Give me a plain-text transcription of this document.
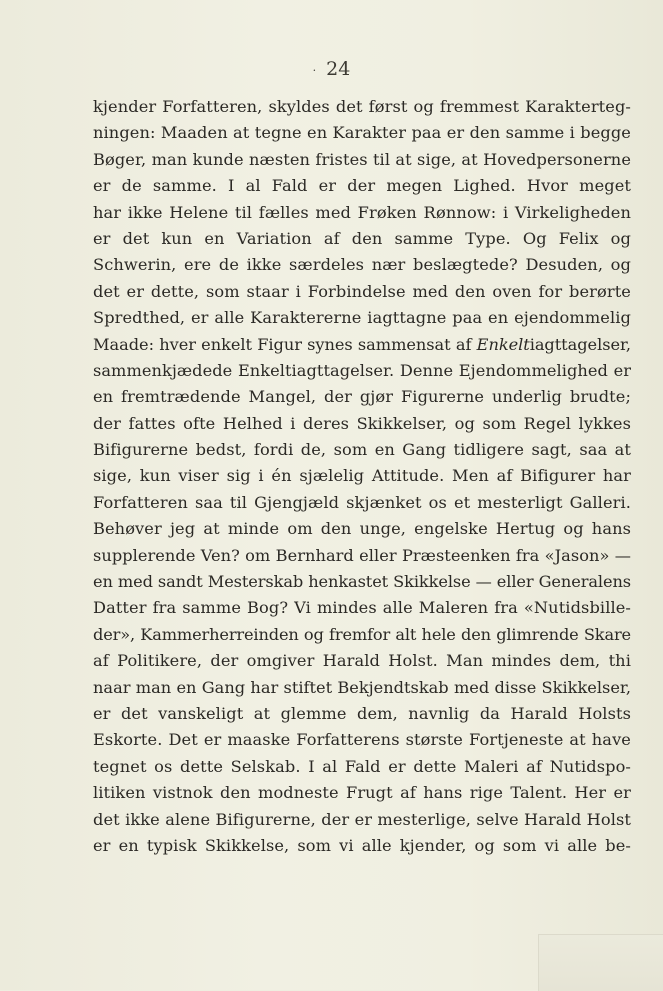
· 24
kjender Forfatteren, skyldes det først og fremmest Karakterteg-
ningen: Maaden at tegne en Karakter paa er den samme i begge
Bøger, man kunde næsten fristes til at sige, at Hovedpersonerne
er de samme. I al Fald er der megen Lighed. Hvor meget
har ikke Helene til fælles med Frøken Rønnow: i Virkeligheden
er det kun en Variation af den samme Type. Og Felix og
Schwerin, ere de ikke særdeles nær beslægtede? Desuden, og
det er dette, som staar i Forbindelse med den oven for berørte
Spredthed, er alle Karaktererne iagttagne paa en ejendommelig
Maade: hver enkelt Figur synes sammensat af Enkeltiagttagelser,
sammenkjædede Enkeltiagttagelser. Denne Ejendommelighed er
en fremtrædende Mangel, der gjør Figurerne underlig brudte;
der fattes ofte Helhed i deres Skikkelser, og som Regel lykkes
Bifigurerne bedst, fordi de, som en Gang tidligere sagt, saa at
sige, kun viser sig i én sjælelig Attitude. Men af Bifigurer har
Forfatteren saa til Gjengjæld skjænket os et mesterligt Galleri.
Behøver jeg at minde om den unge, engelske Hertug og hans
supplerende Ven? om Bernhard eller Præsteenken fra «Jason» —
en med sandt Mesterskab henkastet Skikkelse — eller Generalens
Datter fra samme Bog? Vi mindes alle Maleren fra «Nutidsbille-
der», Kammerherreinden og fremfor alt hele den glimrende Skare
af Politikere, der omgiver Harald Holst. Man mindes dem, thi
naar man en Gang har stiftet Bekjendtskab med disse Skikkelser,
er det vanskeligt at glemme dem, navnlig da Harald Holsts
Eskorte. Det er maaske Forfatterens største Fortjeneste at have
tegnet os dette Selskab. I al Fald er dette Maleri af Nutidspo-
litiken vistnok den modneste Frugt af hans rige Talent. Her er
det ikke alene Bifigurerne, der er mesterlige, selve Harald Holst
er en typisk Skikkelse, som vi alle kjender, og som vi alle be-
